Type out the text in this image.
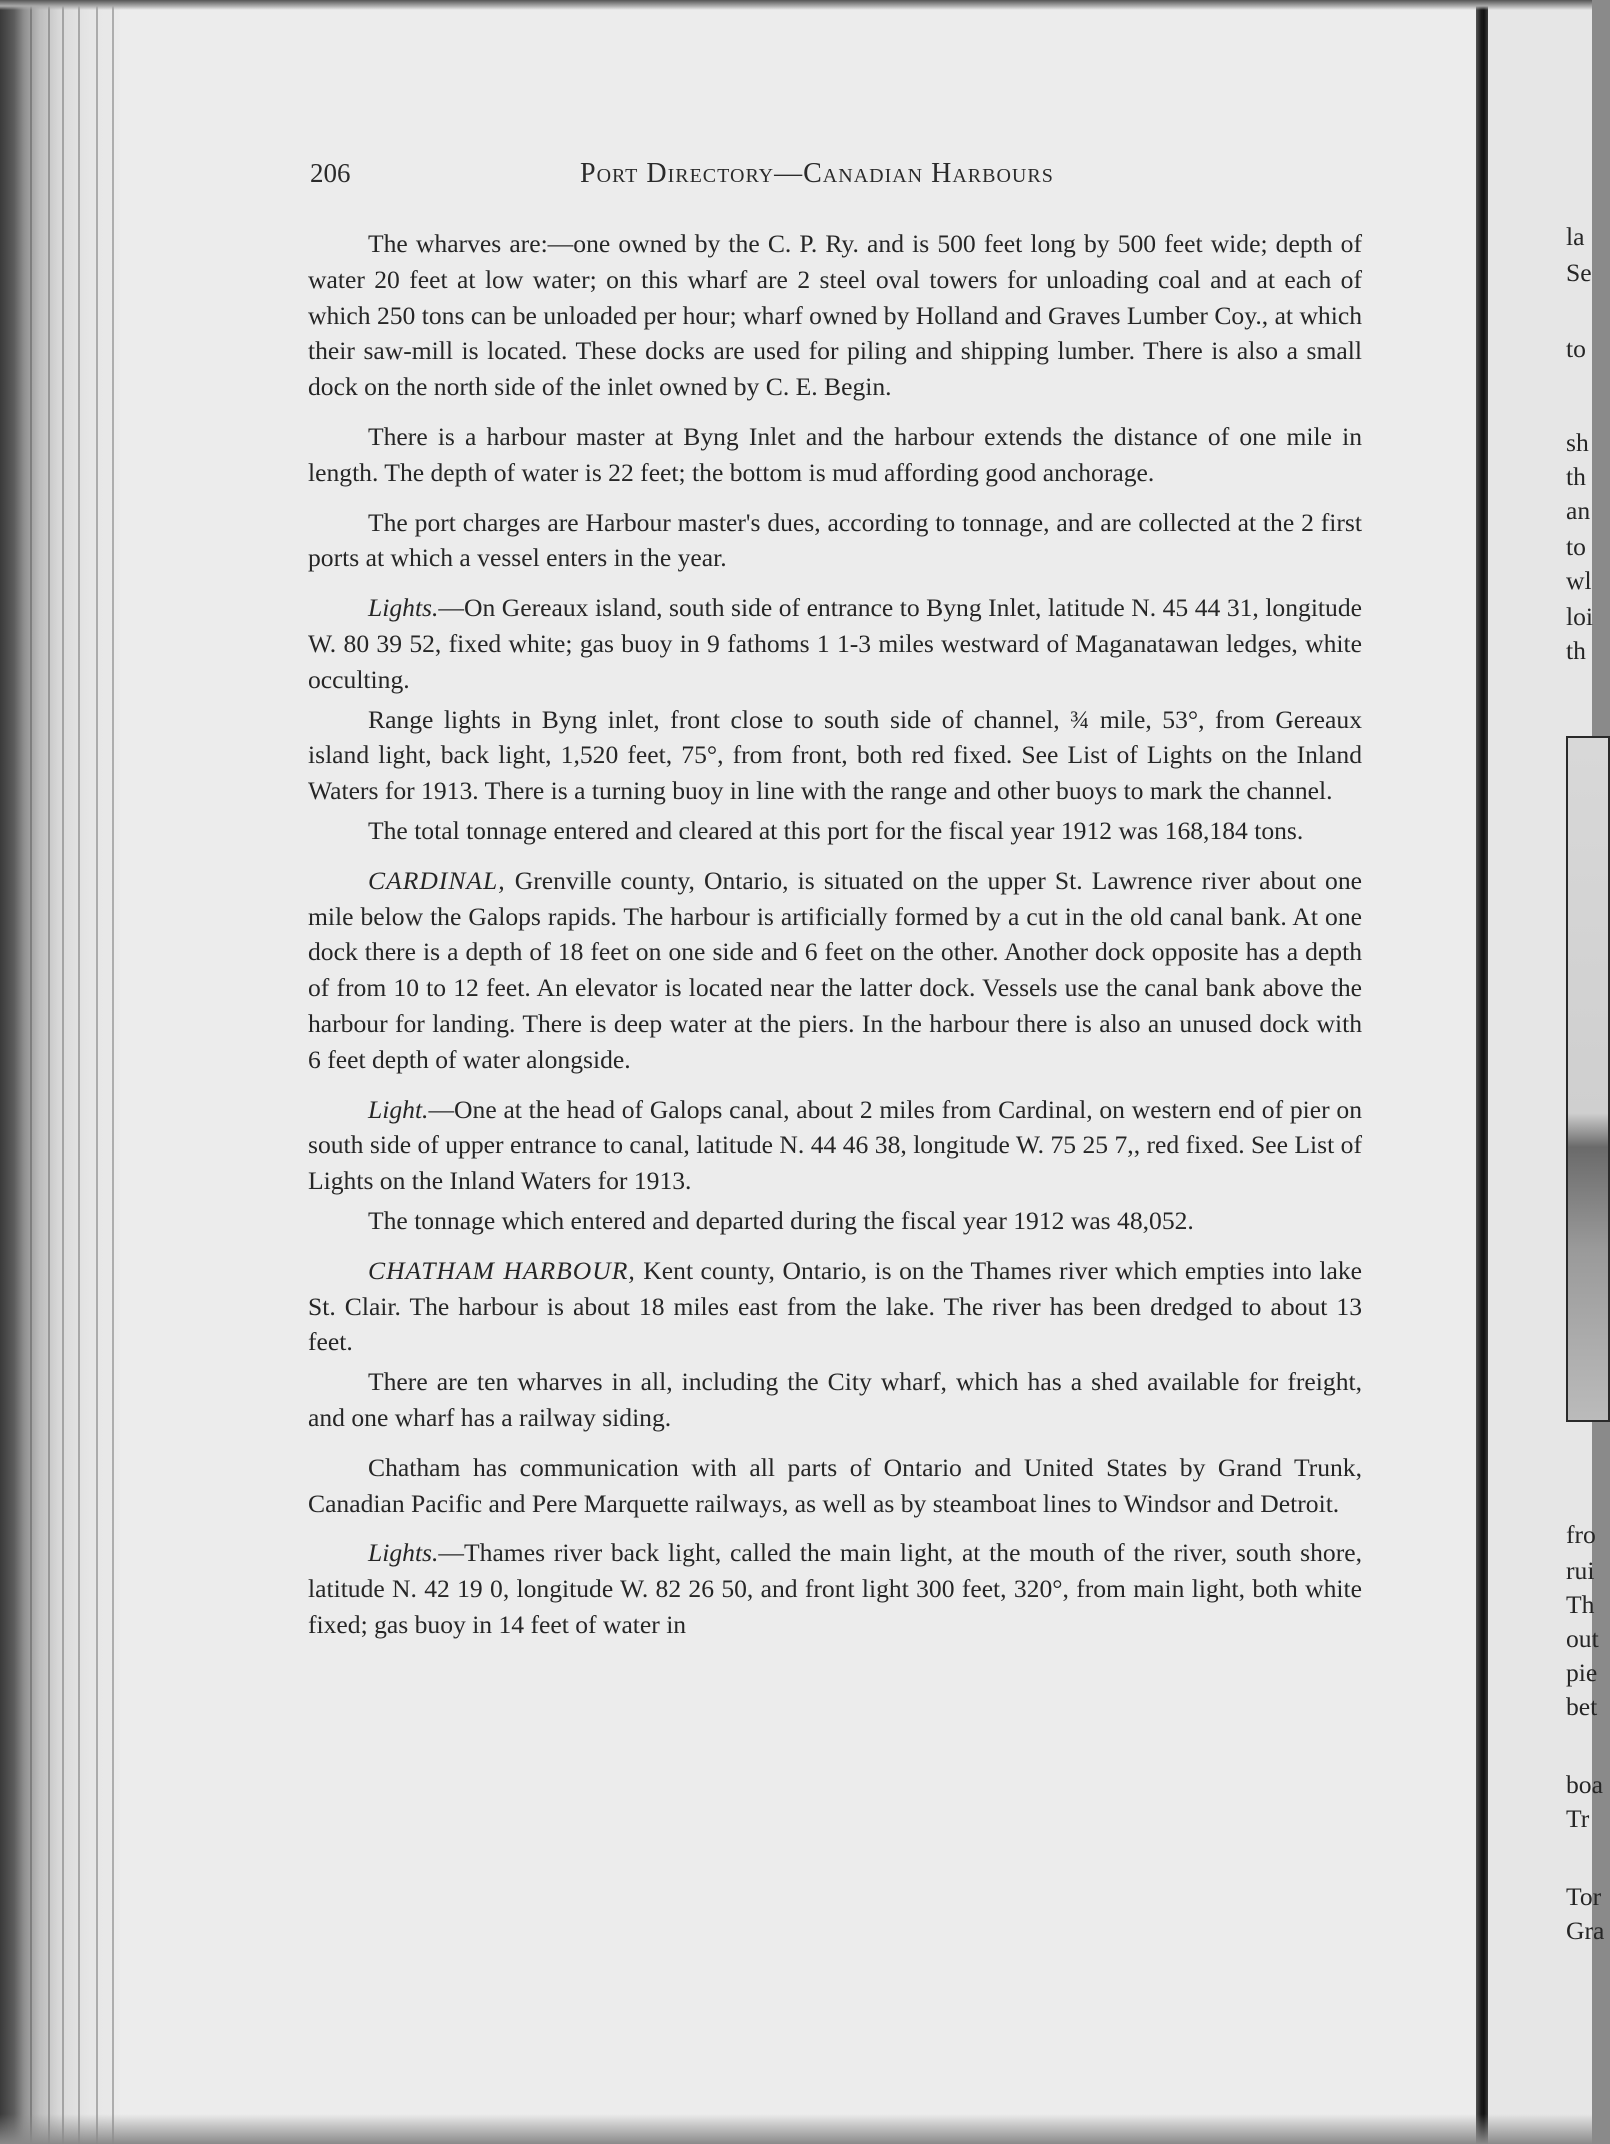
206	Port Directory—Canadian Harbours

The wharves are:—one owned by the C. P. Ry. and is 500 feet long by 500 feet wide; depth of water 20 feet at low water; on this wharf are 2 steel oval towers for unloading coal and at each of which 250 tons can be unloaded per hour; wharf owned by Holland and Graves Lumber Coy., at which their saw-mill is located. These docks are used for piling and shipping lumber. There is also a small dock on the north side of the inlet owned by C. E. Begin.

There is a harbour master at Byng Inlet and the harbour extends the distance of one mile in length. The depth of water is 22 feet; the bottom is mud affording good anchorage.

The port charges are Harbour master's dues, according to tonnage, and are collected at the 2 first ports at which a vessel enters in the year.

Lights.—On Gereaux island, south side of entrance to Byng Inlet, latitude N. 45 44 31, longitude W. 80 39 52, fixed white; gas buoy in 9 fathoms 1 1-3 miles westward of Maganatawan ledges, white occulting.

Range lights in Byng inlet, front close to south side of channel, ¾ mile, 53°, from Gereaux island light, back light, 1,520 feet, 75°, from front, both red fixed. See List of Lights on the Inland Waters for 1913. There is a turning buoy in line with the range and other buoys to mark the channel.

The total tonnage entered and cleared at this port for the fiscal year 1912 was 168,184 tons.

CARDINAL, Grenville county, Ontario, is situated on the upper St. Lawrence river about one mile below the Galops rapids. The harbour is artificially formed by a cut in the old canal bank. At one dock there is a depth of 18 feet on one side and 6 feet on the other. Another dock opposite has a depth of from 10 to 12 feet. An elevator is located near the latter dock. Vessels use the canal bank above the harbour for landing. There is deep water at the piers. In the harbour there is also an unused dock with 6 feet depth of water alongside.

Light.—One at the head of Galops canal, about 2 miles from Cardinal, on western end of pier on south side of upper entrance to canal, latitude N. 44 46 38, longitude W. 75 25 7,, red fixed. See List of Lights on the Inland Waters for 1913.

The tonnage which entered and departed during the fiscal year 1912 was 48,052.

CHATHAM HARBOUR, Kent county, Ontario, is on the Thames river which empties into lake St. Clair. The harbour is about 18 miles east from the lake. The river has been dredged to about 13 feet.

There are ten wharves in all, including the City wharf, which has a shed available for freight, and one wharf has a railway siding.

Chatham has communication with all parts of Ontario and United States by Grand Trunk, Canadian Pacific and Pere Marquette railways, as well as by steamboat lines to Windsor and Detroit.

Lights.—Thames river back light, called the main light, at the mouth of the river, south shore, latitude N. 42 19 0, longitude W. 82 26 50, and front light 300 feet, 320°, from main light, both white fixed; gas buoy in 14 feet of water in

la
Se
to
sh
th
an
to
wl
loi
th
fro
rui
Th
out
pie
bet
boa
Tr
Tor
Gra
